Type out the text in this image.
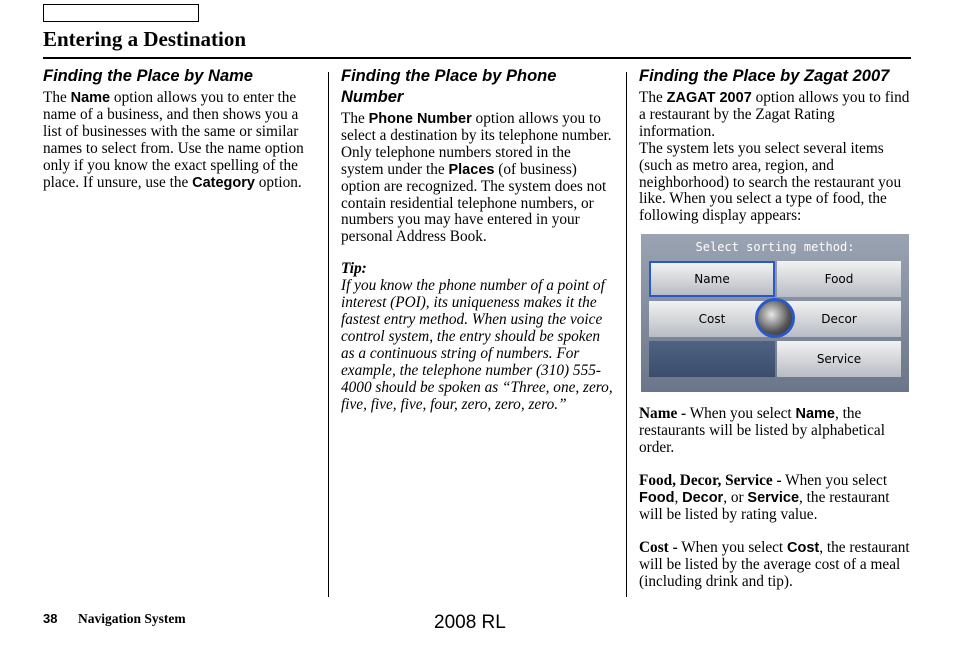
Entering a Destination
Finding the Place by Name

The Name option allows you to enter the name of a business, and then shows you a list of businesses with the same or similar names to select from. Use the name option only if you know the exact spelling of the place. If unsure, use the Category option.

Finding the Place by Phone Number

The Phone Number option allows you to select a destination by its telephone number. Only telephone numbers stored in the system under the Places (of business) option are recognized. The system does not contain residential telephone numbers, or numbers you may have entered in your personal Address Book.

Tip:

If you know the phone number of a point of interest (POI), its uniqueness makes it the fastest entry method. When using the voice control system, the entry should be spoken as a continuous string of numbers. For example, the telephone number (310) 555-4000 should be spoken as “Three, one, zero, five, five, five, four, zero, zero, zero.”

Finding the Place by Zagat 2007

The ZAGAT 2007 option allows you to find a restaurant by the Zagat Rating information.

The system lets you select several items (such as metro area, region, and neighborhood) to search the restaurant you like. When you select a type of food, the following display appears:

Select sorting method:
Name	Food
Cost	Decor
Service

Name - When you select Name, the restaurants will be listed by alphabetical order.

Food, Decor, Service - When you select Food, Decor, or Service, the restaurant will be listed by rating value.

Cost - When you select Cost, the restaurant will be listed by the average cost of a meal (including drink and tip).

38 Navigation System	2008 RL
